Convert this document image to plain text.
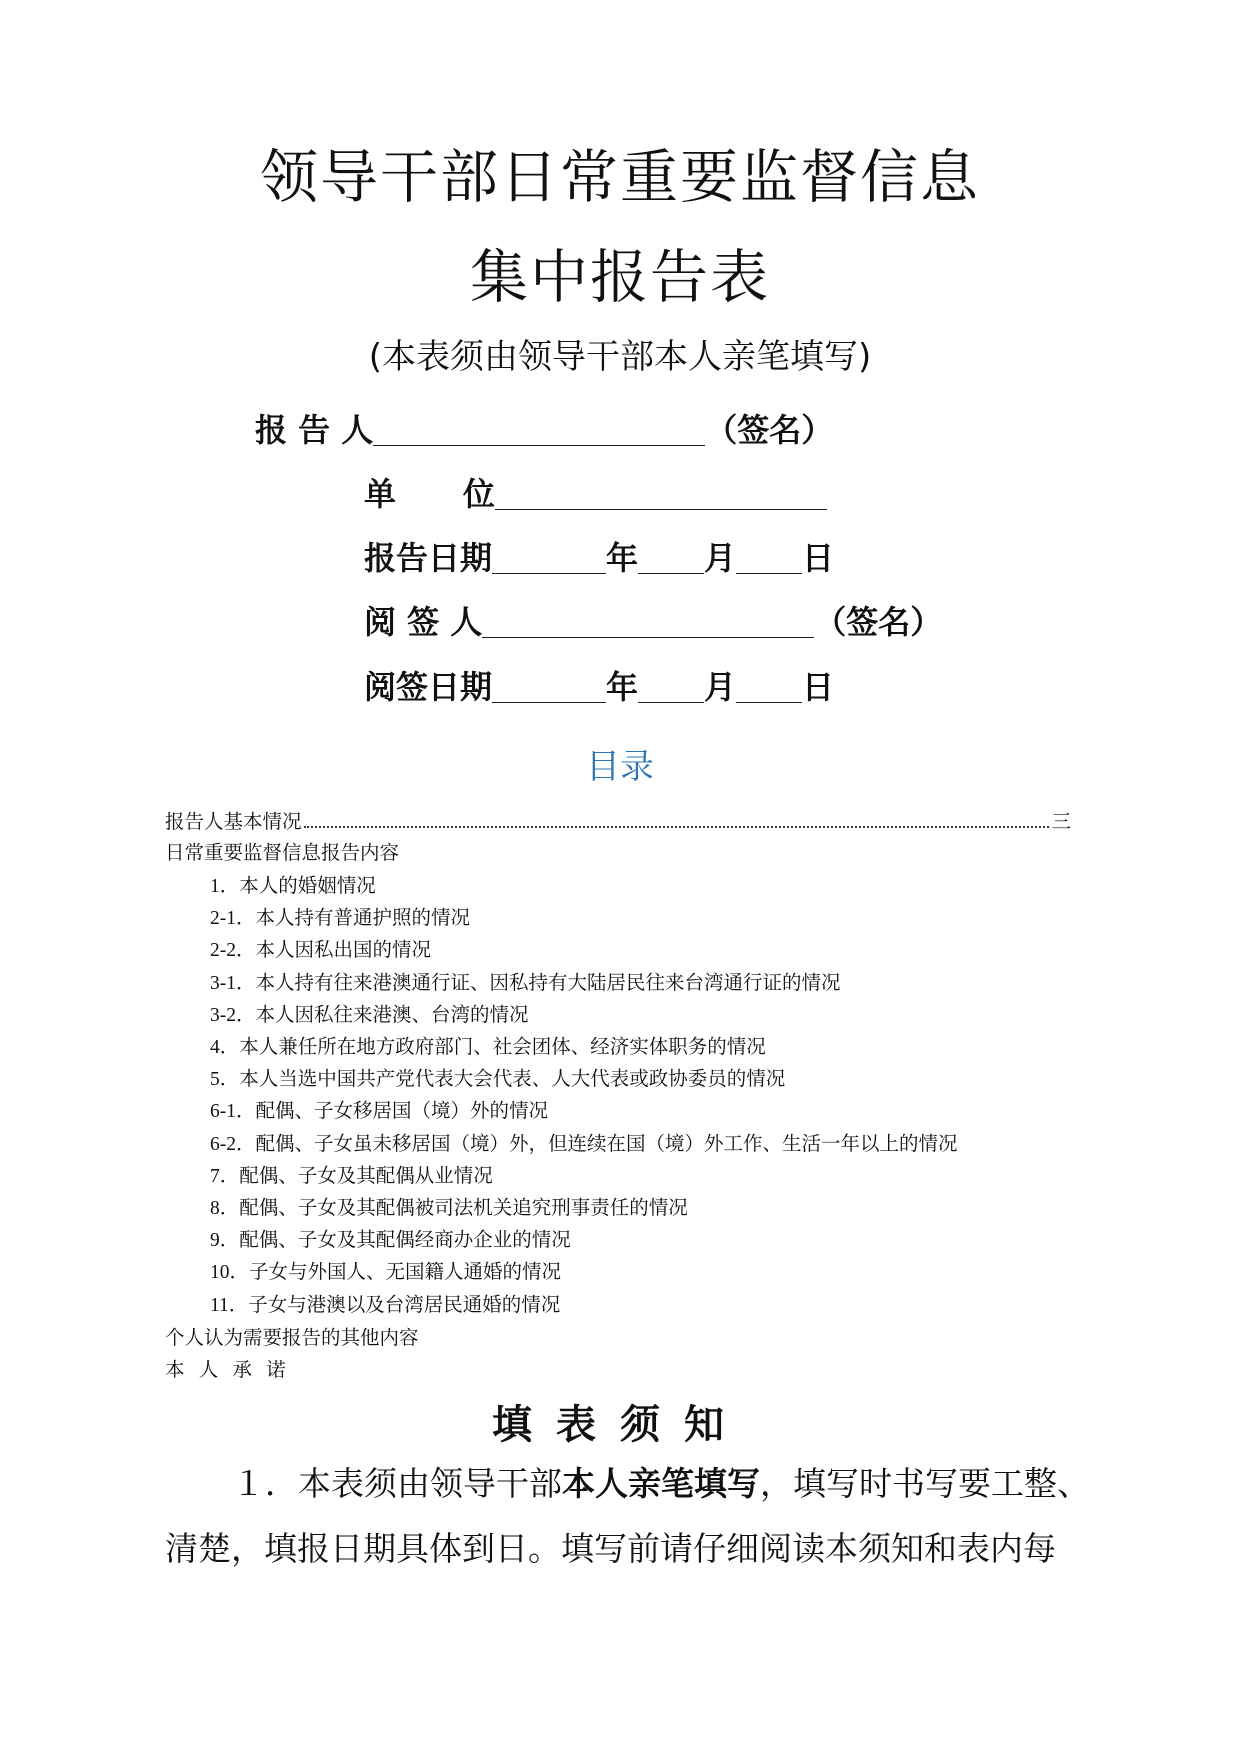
领导干部日常重要监督信息
集中报告表
(本表须由领导干部本人亲笔填写)
报 告 人	（签名）
单      位
报告日期	年 月 日
阅 签 人	（签名）
阅签日期	年 月 日
目录
报告人基本情况	三
日常重要监督信息报告内容
1．本人的婚姻情况
2-1．本人持有普通护照的情况
2-2．本人因私出国的情况
3-1．本人持有往来港澳通行证、因私持有大陆居民往来台湾通行证的情况
3-2．本人因私往来港澳、台湾的情况
4．本人兼任所在地方政府部门、社会团体、经济实体职务的情况
5．本人当选中国共产党代表大会代表、人大代表或政协委员的情况
6-1．配偶、子女移居国（境）外的情况
6-2．配偶、子女虽未移居国（境）外，但连续在国（境）外工作、生活一年以上的情况
7．配偶、子女及其配偶从业情况
8．配偶、子女及其配偶被司法机关追究刑事责任的情况
9．配偶、子女及其配偶经商办企业的情况
10．子女与外国人、无国籍人通婚的情况
11．子女与港澳以及台湾居民通婚的情况
个人认为需要报告的其他内容
本 人 承 诺
填表须知
１．本表须由领导干部本人亲笔填写，填写时书写要工整、
清楚，填报日期具体到日。填写前请仔细阅读本须知和表内每
